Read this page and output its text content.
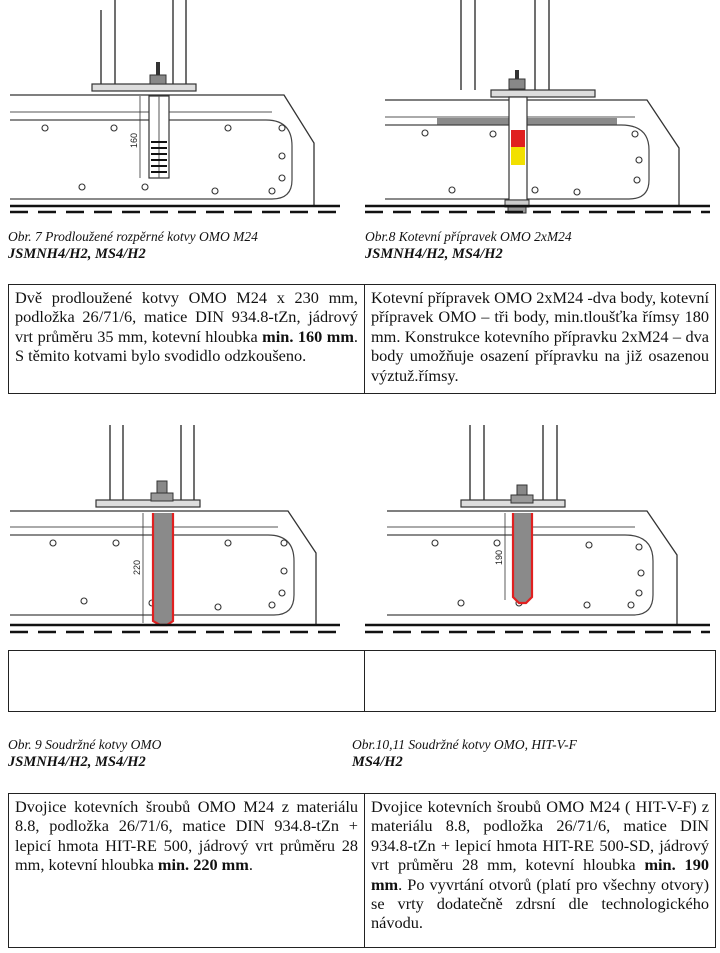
160
Obr. 7 Prodloužené rozpěrné kotvy OMO M24
JSMNH4/H2, MS4/H2
Obr.8 Kotevní přípravek OMO 2xM24
JSMNH4/H2, MS4/H2
Dvě prodloužené kotvy OMO M24 x 230 mm, podložka 26/71/6, matice DIN 934.8-tZn, jádrový vrt průměru 35 mm, kotevní hloubka min. 160 mm. S těmito kotvami bylo svodidlo odzkoušeno.
Kotevní přípravek OMO 2xM24 -dva body, kotevní přípravek OMO – tři body, min.tloušťka římsy 180 mm. Konstrukce kotevního přípravku 2xM24 – dva body umožňuje osazení přípravku na již osazenou výztuž.římsy.
220
190
Obr. 9 Soudržné kotvy OMO
JSMNH4/H2, MS4/H2
Obr.10,11 Soudržné kotvy OMO, HIT-V-F
MS4/H2
Dvojice kotevních šroubů OMO M24 z materiálu 8.8, podložka 26/71/6, matice DIN 934.8-tZn + lepicí hmota HIT-RE 500, jádrový vrt průměru 28 mm, kotevní hloubka min. 220 mm.
Dvojice kotevních šroubů OMO M24 ( HIT-V-F) z materiálu 8.8, podložka 26/71/6, matice DIN 934.8-tZn + lepicí hmota HIT-RE 500-SD, jádrový vrt průměru 28 mm, kotevní hloubka min. 190 mm. Po vyvrtání otvorů (platí pro všechny otvory) se vrty dodatečně zdrsní dle technologického návodu.
